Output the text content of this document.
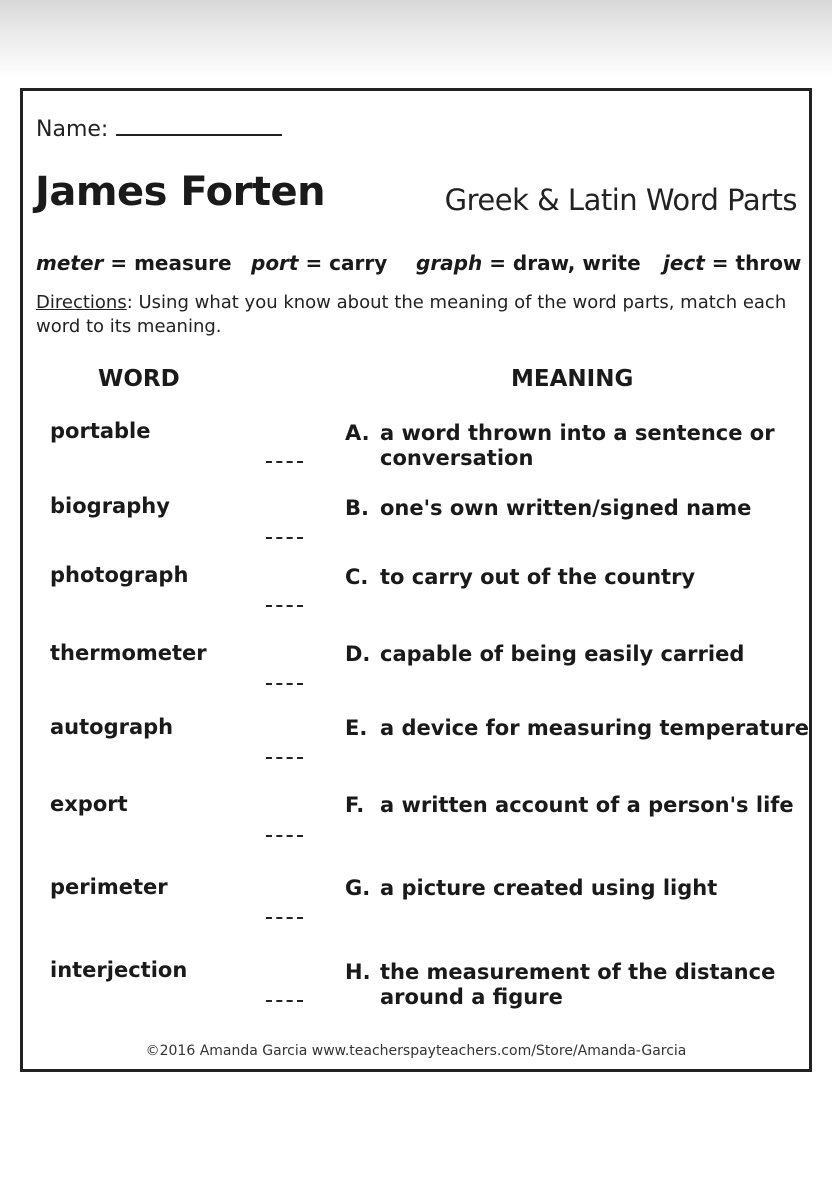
Name:
James Forten	Greek & Latin Word Parts
meter = measure port = carry graph = draw, write ject = throw
Directions: Using what you know about the meaning of the word parts, match each word to its meaning.
WORD	MEANING
portable	A. a word thrown into a sentence or
conversation
biography	B. one's own written/signed name
photograph	C. to carry out of the country
thermometer	D. capable of being easily carried
autograph	E. a device for measuring temperature
export	F. a written account of a person's life
perimeter	G. a picture created using light
interjection	H. the measurement of the distance
around a figure
©2016 Amanda Garcia www.teacherspayteachers.com/Store/Amanda-Garcia
